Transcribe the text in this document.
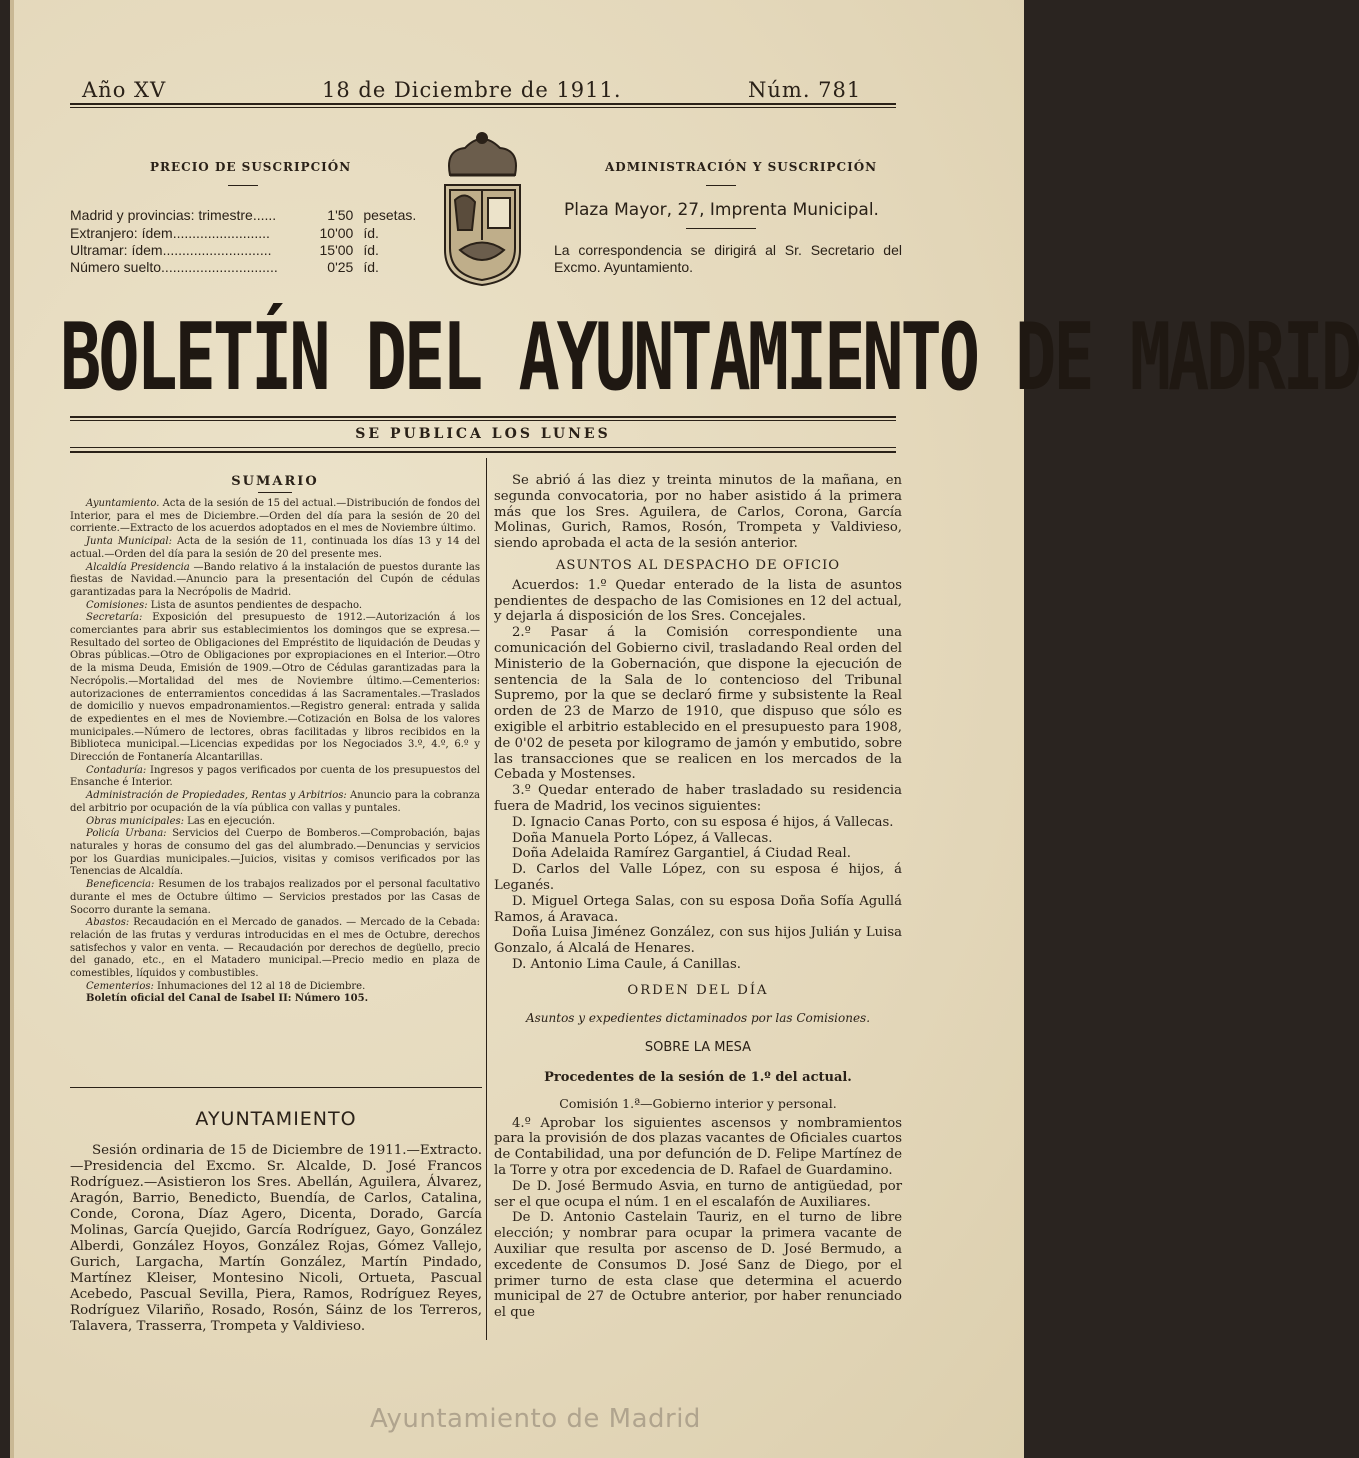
Año XV	18 de Diciembre de 1911.	Núm. 781
PRECIO DE SUSCRIPCIÓN
Madrid y provincias: trimestre......	1'50 pesetas.
Extranjero: ídem.........................	10'00 íd.
Ultramar: ídem............................	15'00 íd.
Número suelto..............................	0'25 íd.
ADMINISTRACIÓN Y SUSCRIPCIÓN
Plaza Mayor, 27, Imprenta Municipal.
La correspondencia se dirigirá al Sr. Secretario del Excmo. Ayuntamiento.
BOLETÍN DEL AYUNTAMIENTO DE MADRID
SE PUBLICA LOS LUNES
SUMARIO

Ayuntamiento. Acta de la sesión de 15 del actual.—Distribución de fondos del Interior, para el mes de Diciembre.—Orden del día para la sesión de 20 del corriente.—Extracto de los acuerdos adoptados en el mes de Noviembre último.

Junta Municipal: Acta de la sesión de 11, continuada los días 13 y 14 del actual.—Orden del día para la sesión de 20 del presente mes.

Alcaldía Presidencia —Bando relativo á la instalación de puestos durante las fiestas de Navidad.—Anuncio para la presentación del Cupón de cédulas garantizadas para la Necrópolis de Madrid.

Comisiones: Lista de asuntos pendientes de despacho.

Secretaría: Exposición del presupuesto de 1912.—Autorización á los comerciantes para abrir sus establecimientos los domingos que se expresa.—Resultado del sorteo de Obligaciones del Empréstito de liquidación de Deudas y Obras públicas.—Otro de Obligaciones por expropiaciones en el Interior.—Otro de la misma Deuda, Emisión de 1909.—Otro de Cédulas garantizadas para la Necrópolis.—Mortalidad del mes de Noviembre último.—Cementerios: autorizaciones de enterramientos concedidas á las Sacramentales.—Traslados de domicilio y nuevos empadronamientos.—Registro general: entrada y salida de expedientes en el mes de Noviembre.—Cotización en Bolsa de los valores municipales.—Número de lectores, obras facilitadas y libros recibidos en la Biblioteca municipal.—Licencias expedidas por los Negociados 3.º, 4.º, 6.º y Dirección de Fontanería Alcantarillas.

Contaduría: Ingresos y pagos verificados por cuenta de los presupuestos del Ensanche é Interior.

Administración de Propiedades, Rentas y Arbitrios: Anuncio para la cobranza del arbitrio por ocupación de la vía pública con vallas y puntales.

Obras municipales: Las en ejecución.

Policía Urbana: Servicios del Cuerpo de Bomberos.—Comprobación, bajas naturales y horas de consumo del gas del alumbrado.—Denuncias y servicios por los Guardias municipales.—Juicios, visitas y comisos verificados por las Tenencias de Alcaldía.

Beneficencia: Resumen de los trabajos realizados por el personal facultativo durante el mes de Octubre último — Servicios prestados por las Casas de Socorro durante la semana.

Abastos: Recaudación en el Mercado de ganados. — Mercado de la Cebada: relación de las frutas y verduras introducidas en el mes de Octubre, derechos satisfechos y valor en venta. — Recaudación por derechos de degüello, precio del ganado, etc., en el Matadero municipal.—Precio medio en plaza de comestibles, líquidos y combustibles.

Cementerios: Inhumaciones del 12 al 18 de Diciembre.

Boletín oficial del Canal de Isabel II: Número 105.

AYUNTAMIENTO

Sesión ordinaria de 15 de Diciembre de 1911.—Extracto.—Presidencia del Excmo. Sr. Alcalde, D. José Francos Rodríguez.—Asistieron los Sres. Abellán, Aguilera, Álvarez, Aragón, Barrio, Benedicto, Buendía, de Carlos, Catalina, Conde, Corona, Díaz Agero, Dicenta, Dorado, García Molinas, García Quejido, García Rodríguez, Gayo, González Alberdi, González Hoyos, González Rojas, Gómez Vallejo, Gurich, Largacha, Martín González, Martín Pindado, Martínez Kleiser, Montesino Nicoli, Ortueta, Pascual Acebedo, Pascual Sevilla, Piera, Ramos, Rodríguez Reyes, Rodríguez Vilariño, Rosado, Rosón, Sáinz de los Terreros, Talavera, Trasserra, Trompeta y Valdivieso.

Se abrió á las diez y treinta minutos de la mañana, en segunda convocatoria, por no haber asistido á la primera más que los Sres. Aguilera, de Carlos, Corona, García Molinas, Gurich, Ramos, Rosón, Trompeta y Valdivieso, siendo aprobada el acta de la sesión anterior.

ASUNTOS AL DESPACHO DE OFICIO

Acuerdos: 1.º Quedar enterado de la lista de asuntos pendientes de despacho de las Comisiones en 12 del actual, y dejarla á disposición de los Sres. Concejales.

2.º Pasar á la Comisión correspondiente una comunicación del Gobierno civil, trasladando Real orden del Ministerio de la Gobernación, que dispone la ejecución de sentencia de la Sala de lo contencioso del Tribunal Supremo, por la que se declaró firme y subsistente la Real orden de 23 de Marzo de 1910, que dispuso que sólo es exigible el arbitrio establecido en el presupuesto para 1908, de 0'02 de peseta por kilogramo de jamón y embutido, sobre las transacciones que se realicen en los mercados de la Cebada y Mostenses.

3.º Quedar enterado de haber trasladado su residencia fuera de Madrid, los vecinos siguientes:

D. Ignacio Canas Porto, con su esposa é hijos, á Vallecas.

Doña Manuela Porto López, á Vallecas.

Doña Adelaida Ramírez Gargantiel, á Ciudad Real.

D. Carlos del Valle López, con su esposa é hijos, á Leganés.

D. Miguel Ortega Salas, con su esposa Doña Sofía Agullá Ramos, á Aravaca.

Doña Luisa Jiménez González, con sus hijos Julián y Luisa Gonzalo, á Alcalá de Henares.

D. Antonio Lima Caule, á Canillas.

ORDEN DEL DÍA
Asuntos y expedientes dictaminados por las Comisiones.
SOBRE LA MESA
Procedentes de la sesión de 1.º del actual.
Comisión 1.ª—Gobierno interior y personal.

4.º Aprobar los siguientes ascensos y nombramientos para la provisión de dos plazas vacantes de Oficiales cuartos de Contabilidad, una por defunción de D. Felipe Martínez de la Torre y otra por excedencia de D. Rafael de Guardamino.

De D. José Bermudo Asvia, en turno de antigüedad, por ser el que ocupa el núm. 1 en el escalafón de Auxiliares.

De D. Antonio Castelain Tauriz, en el turno de libre elección; y nombrar para ocupar la primera vacante de Auxiliar que resulta por ascenso de D. José Bermudo, a excedente de Consumos D. José Sanz de Diego, por el primer turno de esta clase que determina el acuerdo municipal de 27 de Octubre anterior, por haber renunciado el que

Ayuntamiento de Madrid
